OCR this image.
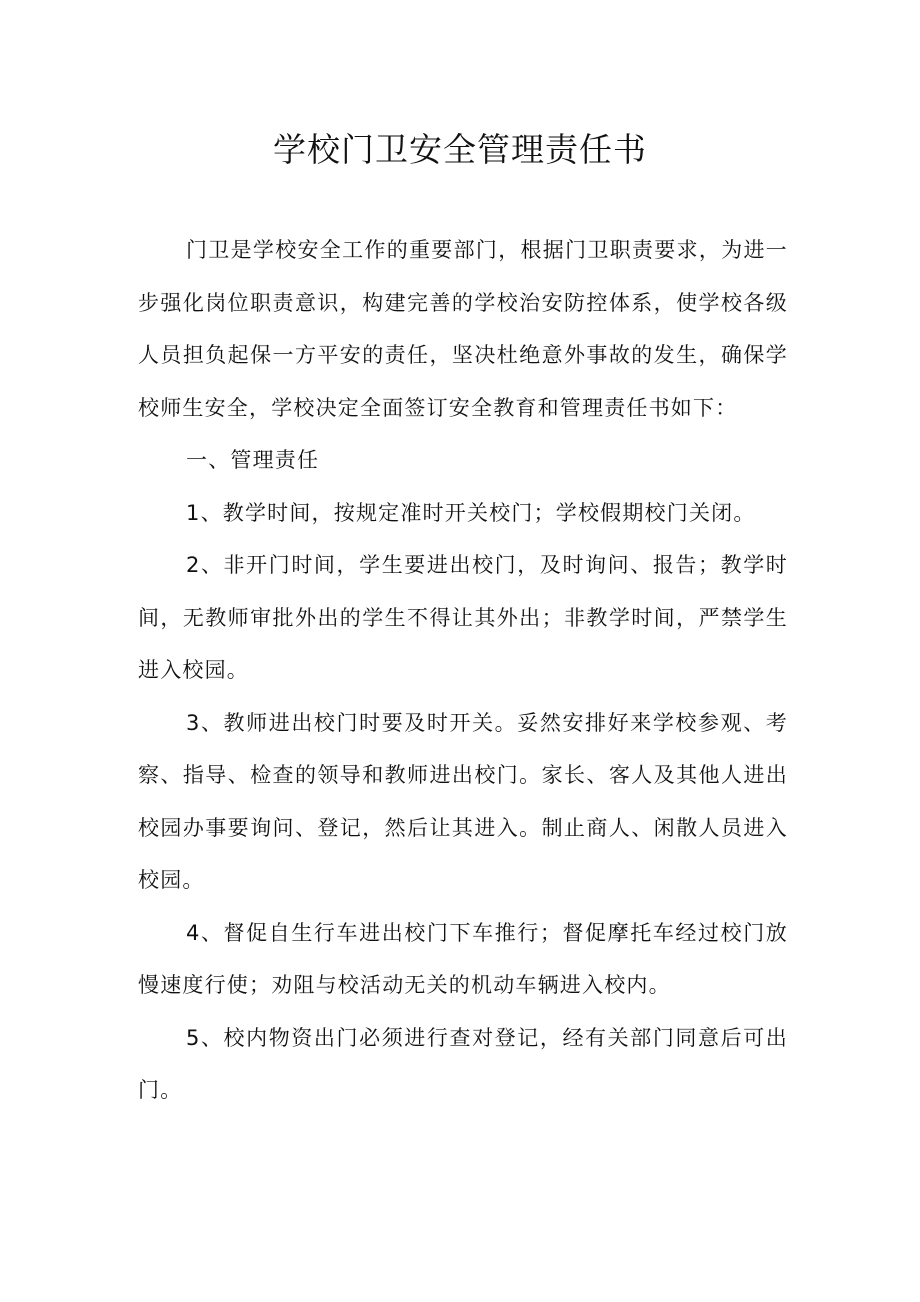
学校门卫安全管理责任书

门卫是学校安全工作的重要部门，根据门卫职责要求，为进一步强化岗位职责意识，构建完善的学校治安防控体系，使学校各级人员担负起保一方平安的责任，坚决杜绝意外事故的发生，确保学校师生安全，学校决定全面签订安全教育和管理责任书如下：

一、管理责任

1、教学时间，按规定准时开关校门；学校假期校门关闭。

2、非开门时间，学生要进出校门，及时询问、报告；教学时间，无教师审批外出的学生不得让其外出；非教学时间，严禁学生进入校园。

3、教师进出校门时要及时开关。妥然安排好来学校参观、考察、指导、检查的领导和教师进出校门。家长、客人及其他人进出校园办事要询问、登记，然后让其进入。制止商人、闲散人员进入校园。

4、督促自生行车进出校门下车推行；督促摩托车经过校门放慢速度行使；劝阻与校活动无关的机动车辆进入校内。

5、校内物资出门必须进行查对登记，经有关部门同意后可出门。
